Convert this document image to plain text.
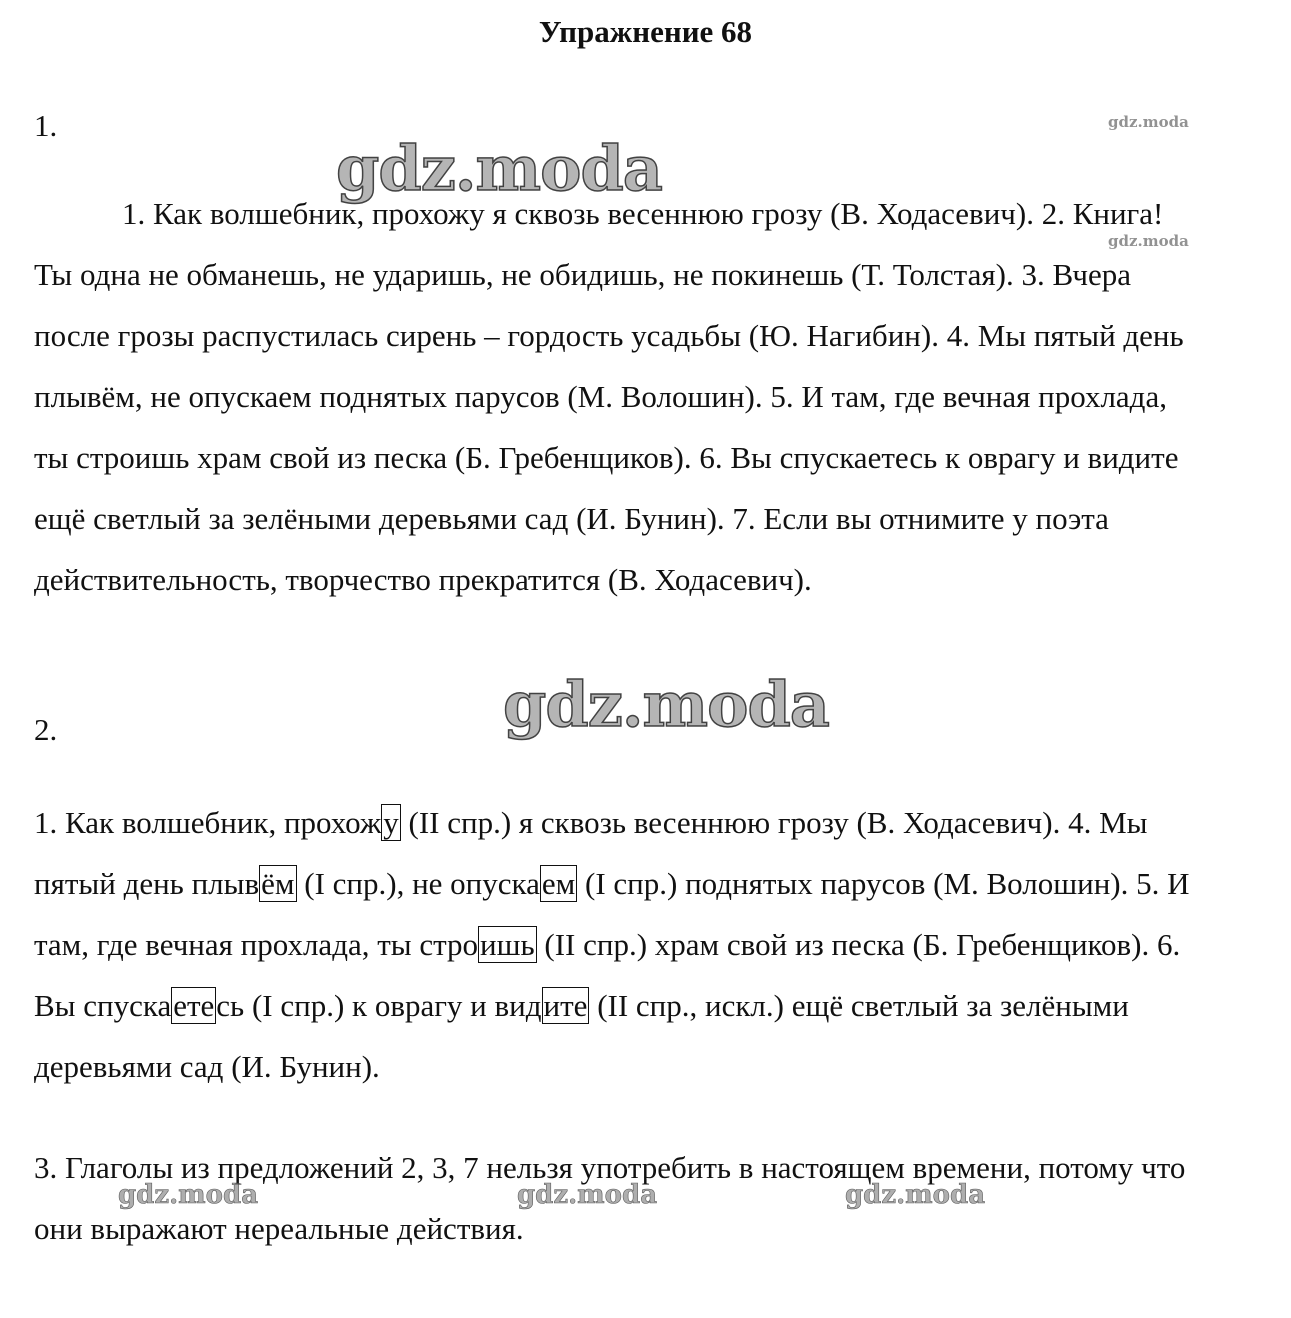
Упражнение 68
gdz.moda
gdz.moda
gdz.moda
gdz.moda
1.

1. Как волшебник, прохожу я сквозь весеннюю грозу (В. Ходасевич). 2. Книга! Ты одна не обманешь, не ударишь, не обидишь, не покинешь (Т. Толстая). 3. Вчера после грозы распустилась сирень – гордость усадьбы (Ю. Нагибин). 4. Мы пятый день плывём, не опускаем поднятых парусов (М. Волошин). 5. И там, где вечная прохлада, ты строишь храм свой из песка (Б. Гребенщиков). 6. Вы спускаетесь к оврагу и видите ещё светлый за зелёными деревьями сад (И. Бунин). 7. Если вы отнимите у поэта действительность, творчество прекратится (В. Ходасевич).

2.

1. Как волшебник, прохожу (II спр.) я сквозь весеннюю грозу (В. Ходасевич). 4. Мы пятый день плывём (I спр.), не опускаем (I спр.) поднятых парусов (М. Волошин). 5. И там, где вечная прохлада, ты строишь (II спр.) храм свой из песка (Б. Гребенщиков). 6. Вы спускаетесь (I спр.) к оврагу и видите (II спр., искл.) ещё светлый за зелёными деревьями сад (И. Бунин).

3. Глаголы из предложений 2, 3, 7 нельзя употребить в настоящем времени, потому что они выражают нереальные действия.

gdz.moda	gdz.moda	gdz.moda
